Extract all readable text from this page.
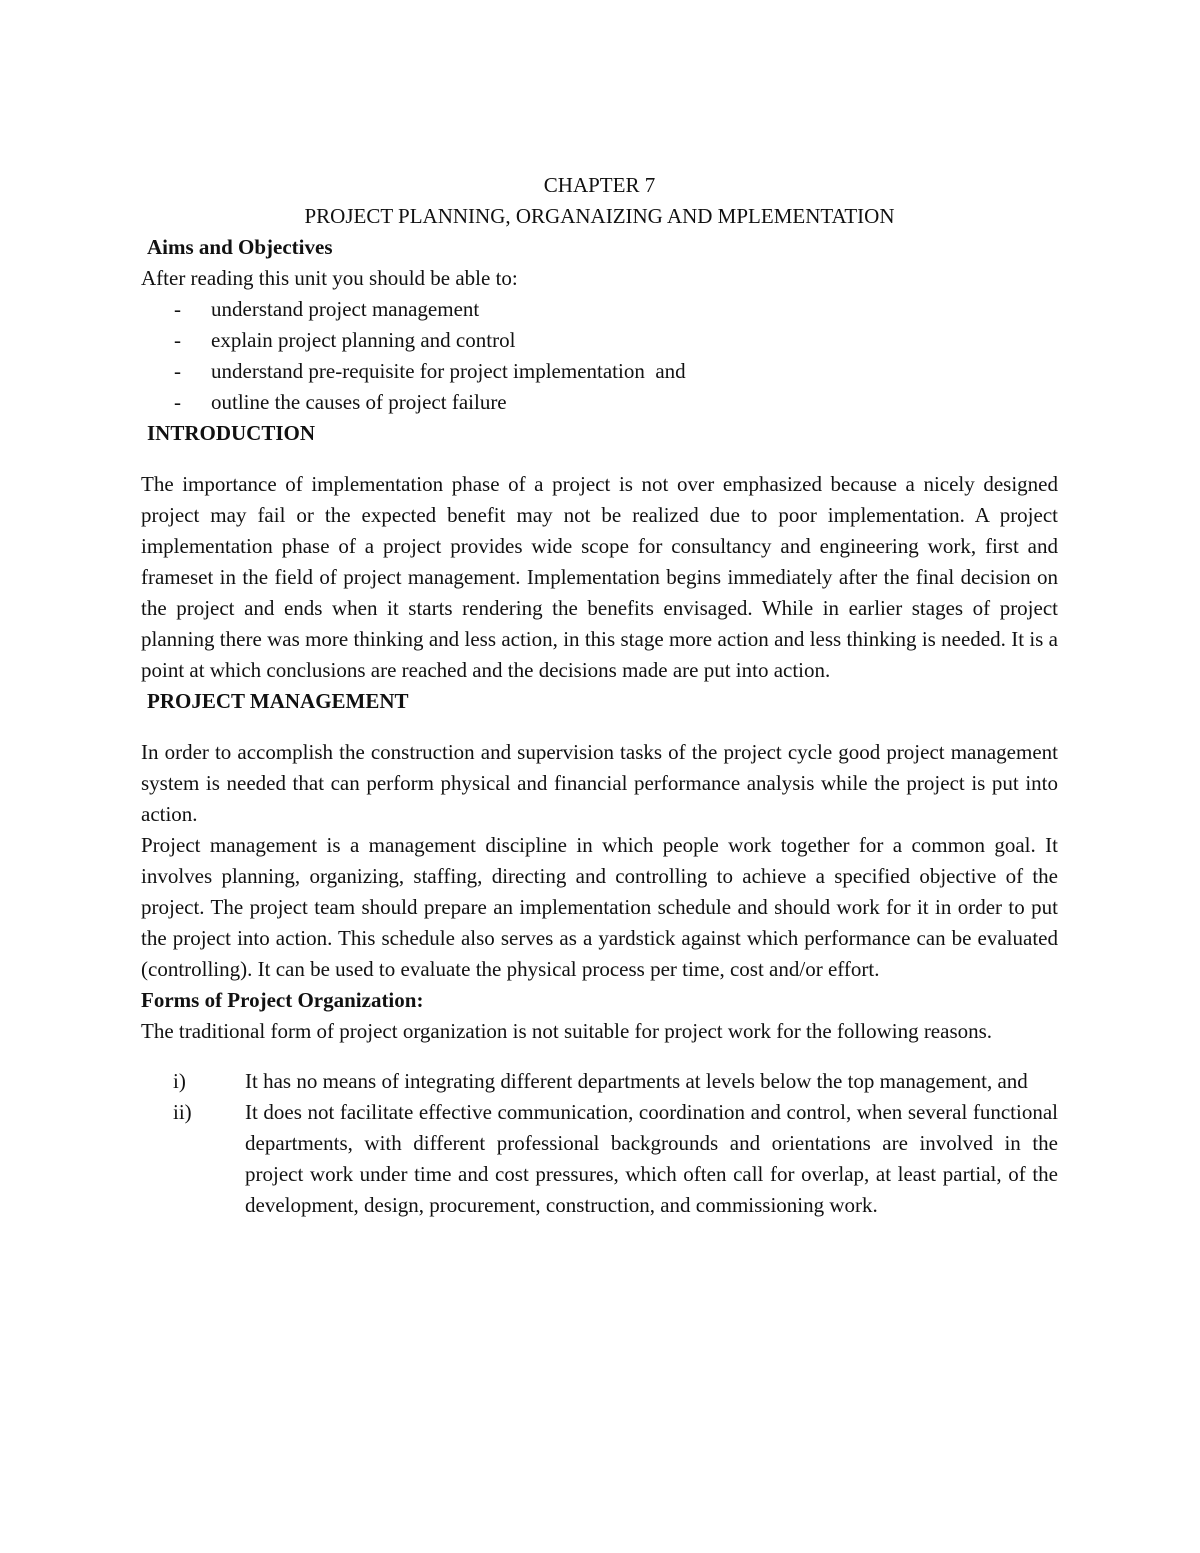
CHAPTER 7

PROJECT PLANNING, ORGANAIZING AND MPLEMENTATION

Aims and Objectives

After reading this unit you should be able to:

-	understand project management
-	explain project planning and control
-	understand pre-requisite for project implementation  and
-	outline the causes of project failure

INTRODUCTION

The importance of implementation phase of a project is not over emphasized because a nicely designed project may fail or the expected benefit may not be realized due to poor implementation. A project implementation phase of a project provides wide scope for consultancy and engineering work, first and frameset in the field of project management. Implementation begins immediately after the final decision on the project and ends when it starts rendering the benefits envisaged. While in earlier stages of project planning there was more thinking and less action, in this stage more action and less thinking is needed. It is a point at which conclusions are reached and the decisions made are put into action.

PROJECT MANAGEMENT

In order to accomplish the construction and supervision tasks of the project cycle good project management system is needed that can perform physical and financial performance analysis while the project is put into action.

Project management is a management discipline in which people work together for a common goal. It involves planning, organizing, staffing, directing and controlling to achieve a specified objective of the project. The project team should prepare an implementation schedule and should work for it in order to put the project into action. This schedule also serves as a yardstick against which performance can be evaluated (controlling). It can be used to evaluate the physical process per time, cost and/or effort.

Forms of Project Organization:

The traditional form of project organization is not suitable for project work for the following reasons.

i)	It has no means of integrating different departments at levels below the top management, and
ii)	It does not facilitate effective communication, coordination and control, when several functional departments, with different professional backgrounds and orientations are involved in the project work under time and cost pressures, which often call for overlap, at least partial, of the development, design, procurement, construction, and commissioning work.
